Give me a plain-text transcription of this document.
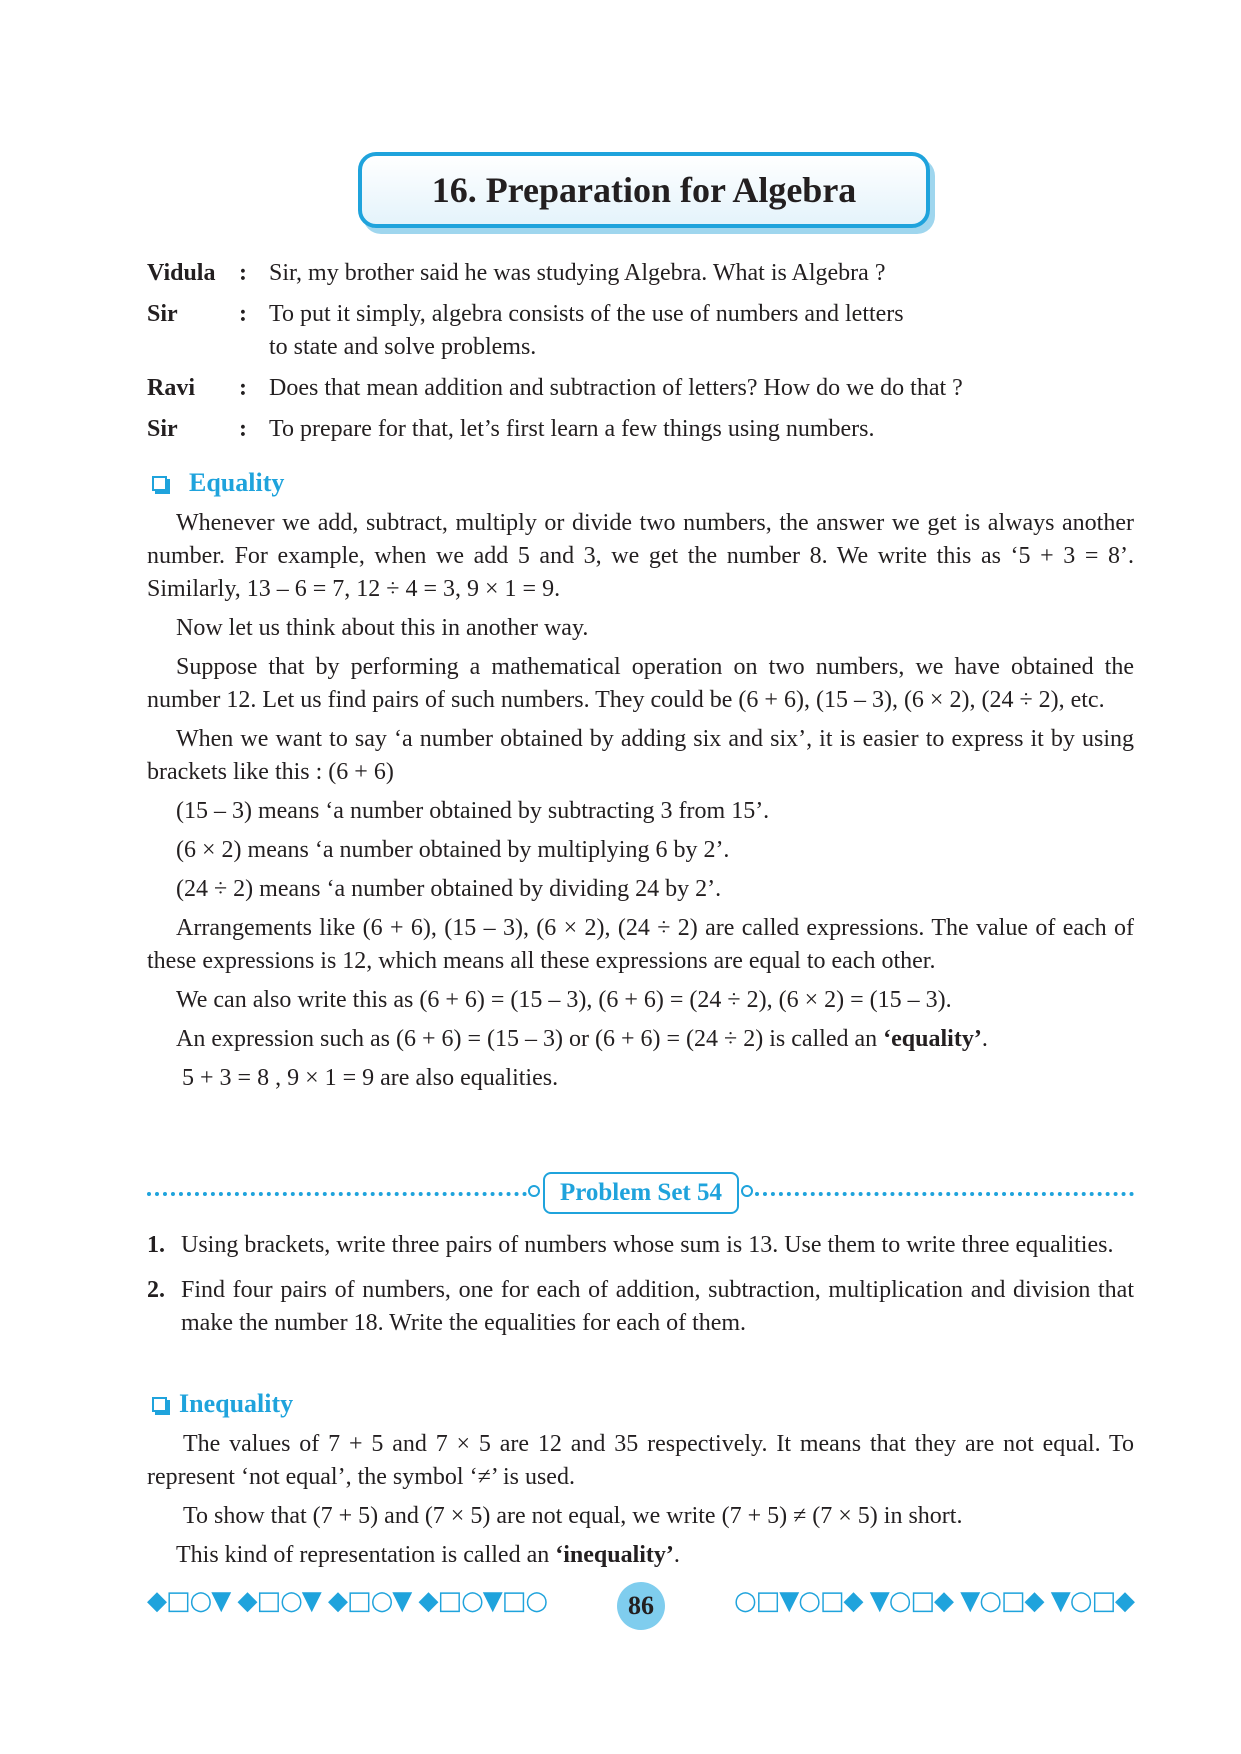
16. Preparation for Algebra
Vidula : Sir, my brother said he was studying Algebra. What is Algebra ?
Sir	: To put it simply, algebra consists of the use of numbers and letters
to state and solve problems.
Ravi	: Does that mean addition and subtraction of letters? How do we do that ?
Sir	: To prepare for that, let’s first learn a few things using numbers.
Equality

Whenever we add, subtract, multiply or divide two numbers, the answer we get is always another number. For example, when we add 5 and 3, we get the number 8. We write this as ‘5 + 3 = 8’. Similarly, 13 – 6 = 7, 12 ÷ 4 = 3, 9 × 1 = 9.

Now let us think about this in another way.

Suppose that by performing a mathematical operation on two numbers, we have obtained the number 12. Let us find pairs of such numbers. They could be (6 + 6), (15 – 3), (6 × 2), (24 ÷ 2), etc.

When we want to say ‘a number obtained by adding six and six’, it is easier to express it by using brackets like this : (6 + 6)

(15 – 3) means ‘a number obtained by subtracting 3 from 15’.

(6 × 2) means ‘a number obtained by multiplying 6 by 2’.

(24 ÷ 2) means ‘a number obtained by dividing 24 by 2’.

Arrangements like (6 + 6), (15 – 3), (6 × 2), (24 ÷ 2) are called expressions. The value of each of these expressions is 12, which means all these expressions are equal to each other.

We can also write this as (6 + 6) = (15 – 3), (6 + 6) = (24 ÷ 2), (6 × 2) = (15 – 3).

An expression such as (6 + 6) = (15 – 3) or (6 + 6) = (24 ÷ 2) is called an ‘equality’.

5 + 3 = 8 , 9 × 1 = 9 are also equalities.

Problem Set 54
1. Using brackets, write three pairs of numbers whose sum is 13. Use them to write three equalities.
2. Find four pairs of numbers, one for each of addition, subtraction, multiplication and division that make the number 18. Write the equalities for each of them.
Inequality

The values of 7 + 5 and 7 × 5 are 12 and 35 respectively. It means that they are not equal. To represent ‘not equal’, the symbol ‘≠’ is used.

To show that (7 + 5) and (7 × 5) are not equal, we write (7 + 5) ≠ (7 × 5) in short.

This kind of representation is called an ‘inequality’.

◆□○▼ ◆□○▼ ◆□○▼ ◆□○▼□○	86	○□▼○□◆ ▼○□◆ ▼○□◆ ▼○□◆
